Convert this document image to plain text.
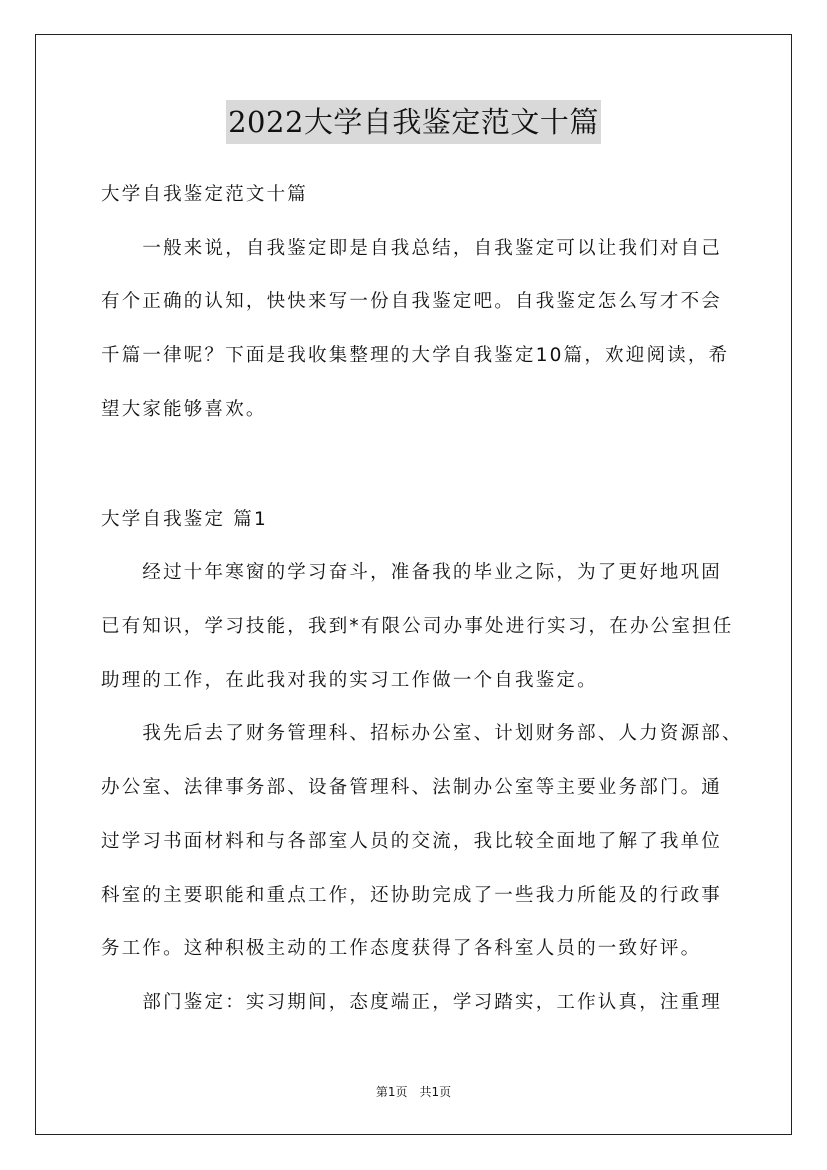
2022大学自我鉴定范文十篇
大学自我鉴定范文十篇
　　一般来说，自我鉴定即是自我总结，自我鉴定可以让我们对自己
有个正确的认知，快快来写一份自我鉴定吧。自我鉴定怎么写才不会
千篇一律呢？下面是我收集整理的大学自我鉴定10篇，欢迎阅读，希
望大家能够喜欢。
大学自我鉴定 篇1
　　经过十年寒窗的学习奋斗，准备我的毕业之际，为了更好地巩固
已有知识，学习技能，我到*有限公司办事处进行实习，在办公室担任
助理的工作，在此我对我的实习工作做一个自我鉴定。
　　我先后去了财务管理科、招标办公室、计划财务部、人力资源部、
办公室、法律事务部、设备管理科、法制办公室等主要业务部门。通
过学习书面材料和与各部室人员的交流，我比较全面地了解了我单位
科室的主要职能和重点工作，还协助完成了一些我力所能及的行政事
务工作。这种积极主动的工作态度获得了各科室人员的一致好评。
　　部门鉴定：实习期间，态度端正，学习踏实，工作认真，注重理
第1页　共1页
